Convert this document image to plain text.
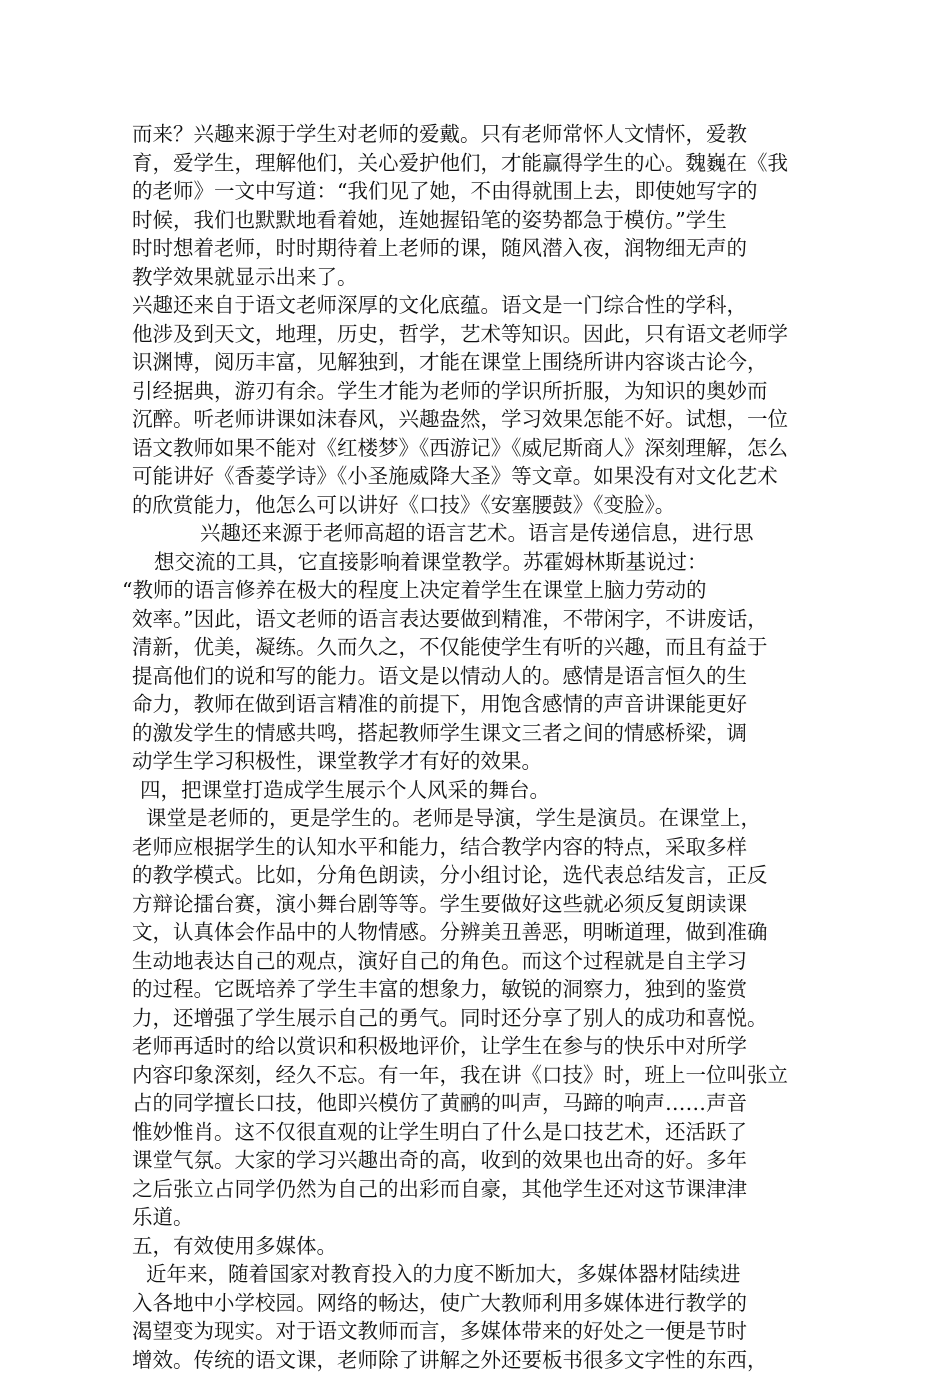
而来？兴趣来源于学生对老师的爱戴。只有老师常怀人文情怀，爱教
育，爱学生，理解他们，关心爱护他们，才能赢得学生的心。魏巍在《我
的老师》一文中写道：“我们见了她，不由得就围上去，即使她写字的
时候，我们也默默地看着她，连她握铅笔的姿势都急于模仿。”学生
时时想着老师，时时期待着上老师的课，随风潜入夜，润物细无声的
教学效果就显示出来了。
兴趣还来自于语文老师深厚的文化底蕴。语文是一门综合性的学科，
他涉及到天文，地理，历史，哲学，艺术等知识。因此，只有语文老师学
识渊博，阅历丰富，见解独到，才能在课堂上围绕所讲内容谈古论今，
引经据典，游刃有余。学生才能为老师的学识所折服，为知识的奥妙而
沉醉。听老师讲课如沫春风，兴趣盎然，学习效果怎能不好。试想，一位
语文教师如果不能对《红楼梦》《西游记》《威尼斯商人》深刻理解，怎么
可能讲好《香菱学诗》《小圣施威降大圣》等文章。如果没有对文化艺术
的欣赏能力，他怎么可以讲好《口技》《安塞腰鼓》《变脸》。
兴趣还来源于老师高超的语言艺术。语言是传递信息，进行思
想交流的工具，它直接影响着课堂教学。苏霍姆林斯基说过：
“教师的语言修养在极大的程度上决定着学生在课堂上脑力劳动的
效率。”因此，语文老师的语言表达要做到精准，不带闲字，不讲废话，
清新，优美，凝练。久而久之，不仅能使学生有听的兴趣，而且有益于
提高他们的说和写的能力。语文是以情动人的。感情是语言恒久的生
命力，教师在做到语言精准的前提下，用饱含感情的声音讲课能更好
的激发学生的情感共鸣，搭起教师学生课文三者之间的情感桥梁，调
动学生学习积极性，课堂教学才有好的效果。
四，把课堂打造成学生展示个人风采的舞台。
课堂是老师的，更是学生的。老师是导演，学生是演员。在课堂上，
老师应根据学生的认知水平和能力，结合教学内容的特点，采取多样
的教学模式。比如，分角色朗读，分小组讨论，选代表总结发言，正反
方辩论擂台赛，演小舞台剧等等。学生要做好这些就必须反复朗读课
文，认真体会作品中的人物情感。分辨美丑善恶，明晰道理，做到准确
生动地表达自己的观点，演好自己的角色。而这个过程就是自主学习
的过程。它既培养了学生丰富的想象力，敏锐的洞察力，独到的鉴赏
力，还增强了学生展示自己的勇气。同时还分享了别人的成功和喜悦。
老师再适时的给以赏识和积极地评价，让学生在参与的快乐中对所学
内容印象深刻，经久不忘。有一年，我在讲《口技》时，班上一位叫张立
占的同学擅长口技，他即兴模仿了黄鹂的叫声，马蹄的响声……声音
惟妙惟肖。这不仅很直观的让学生明白了什么是口技艺术，还活跃了
课堂气氛。大家的学习兴趣出奇的高，收到的效果也出奇的好。多年
之后张立占同学仍然为自己的出彩而自豪，其他学生还对这节课津津
乐道。
五，有效使用多媒体。
近年来，随着国家对教育投入的力度不断加大，多媒体器材陆续进
入各地中小学校园。网络的畅达，使广大教师利用多媒体进行教学的
渴望变为现实。对于语文教师而言，多媒体带来的好处之一便是节时
增效。传统的语文课，老师除了讲解之外还要板书很多文字性的东西，
